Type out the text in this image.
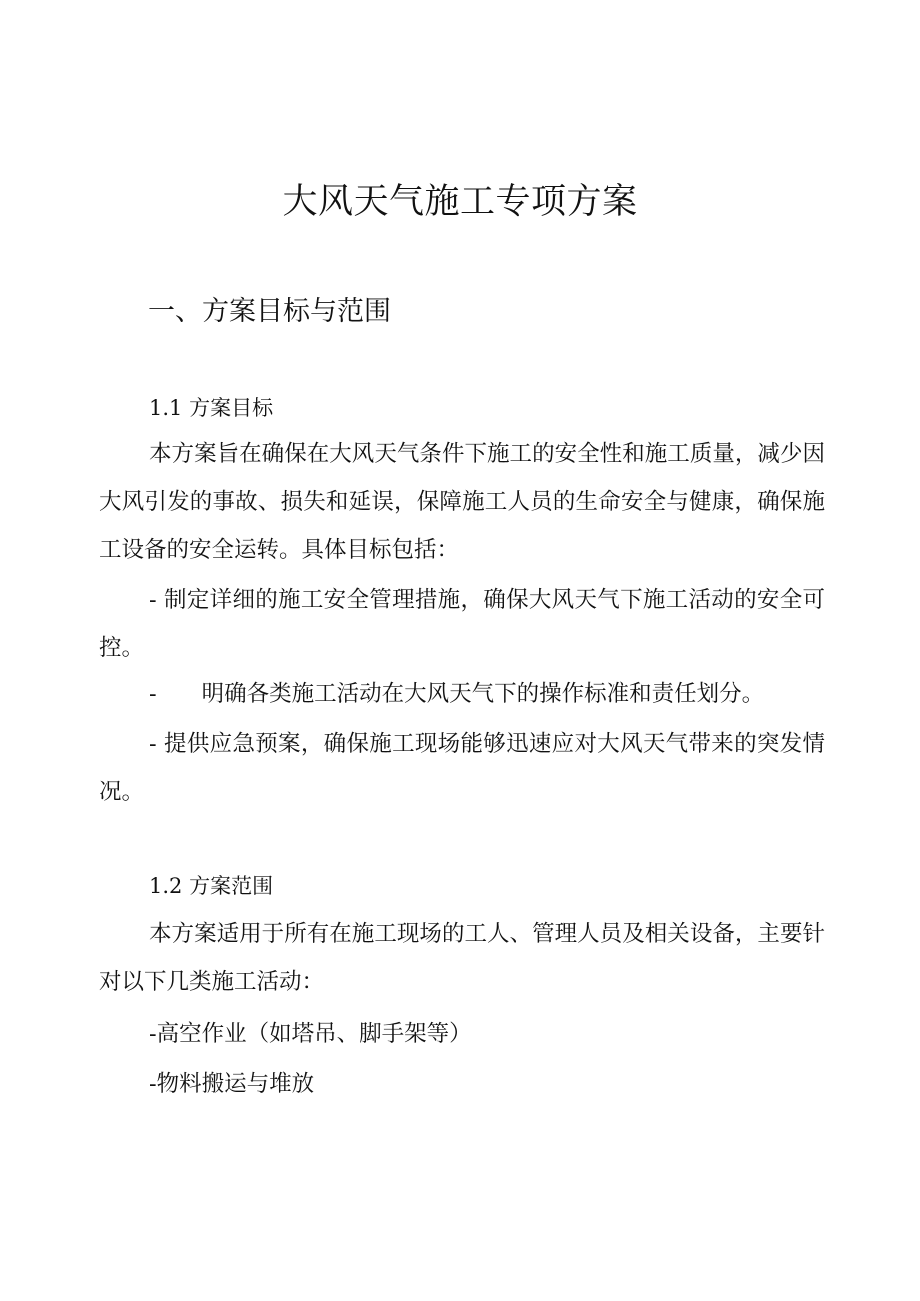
大风天气施工专项方案
一、方案目标与范围
1.1 方案目标

本方案旨在确保在大风天气条件下施工的安全性和施工质量，减少因大风引发的事故、损失和延误，保障施工人员的生命安全与健康，确保施工设备的安全运转。具体目标包括：

- 制定详细的施工安全管理措施，确保大风天气下施工活动的安全可控。

- 明确各类施工活动在大风天气下的操作标准和责任划分。

- 提供应急预案，确保施工现场能够迅速应对大风天气带来的突发情况。

1.2 方案范围

本方案适用于所有在施工现场的工人、管理人员及相关设备，主要针对以下几类施工活动：

-高空作业（如塔吊、脚手架等）

-物料搬运与堆放
